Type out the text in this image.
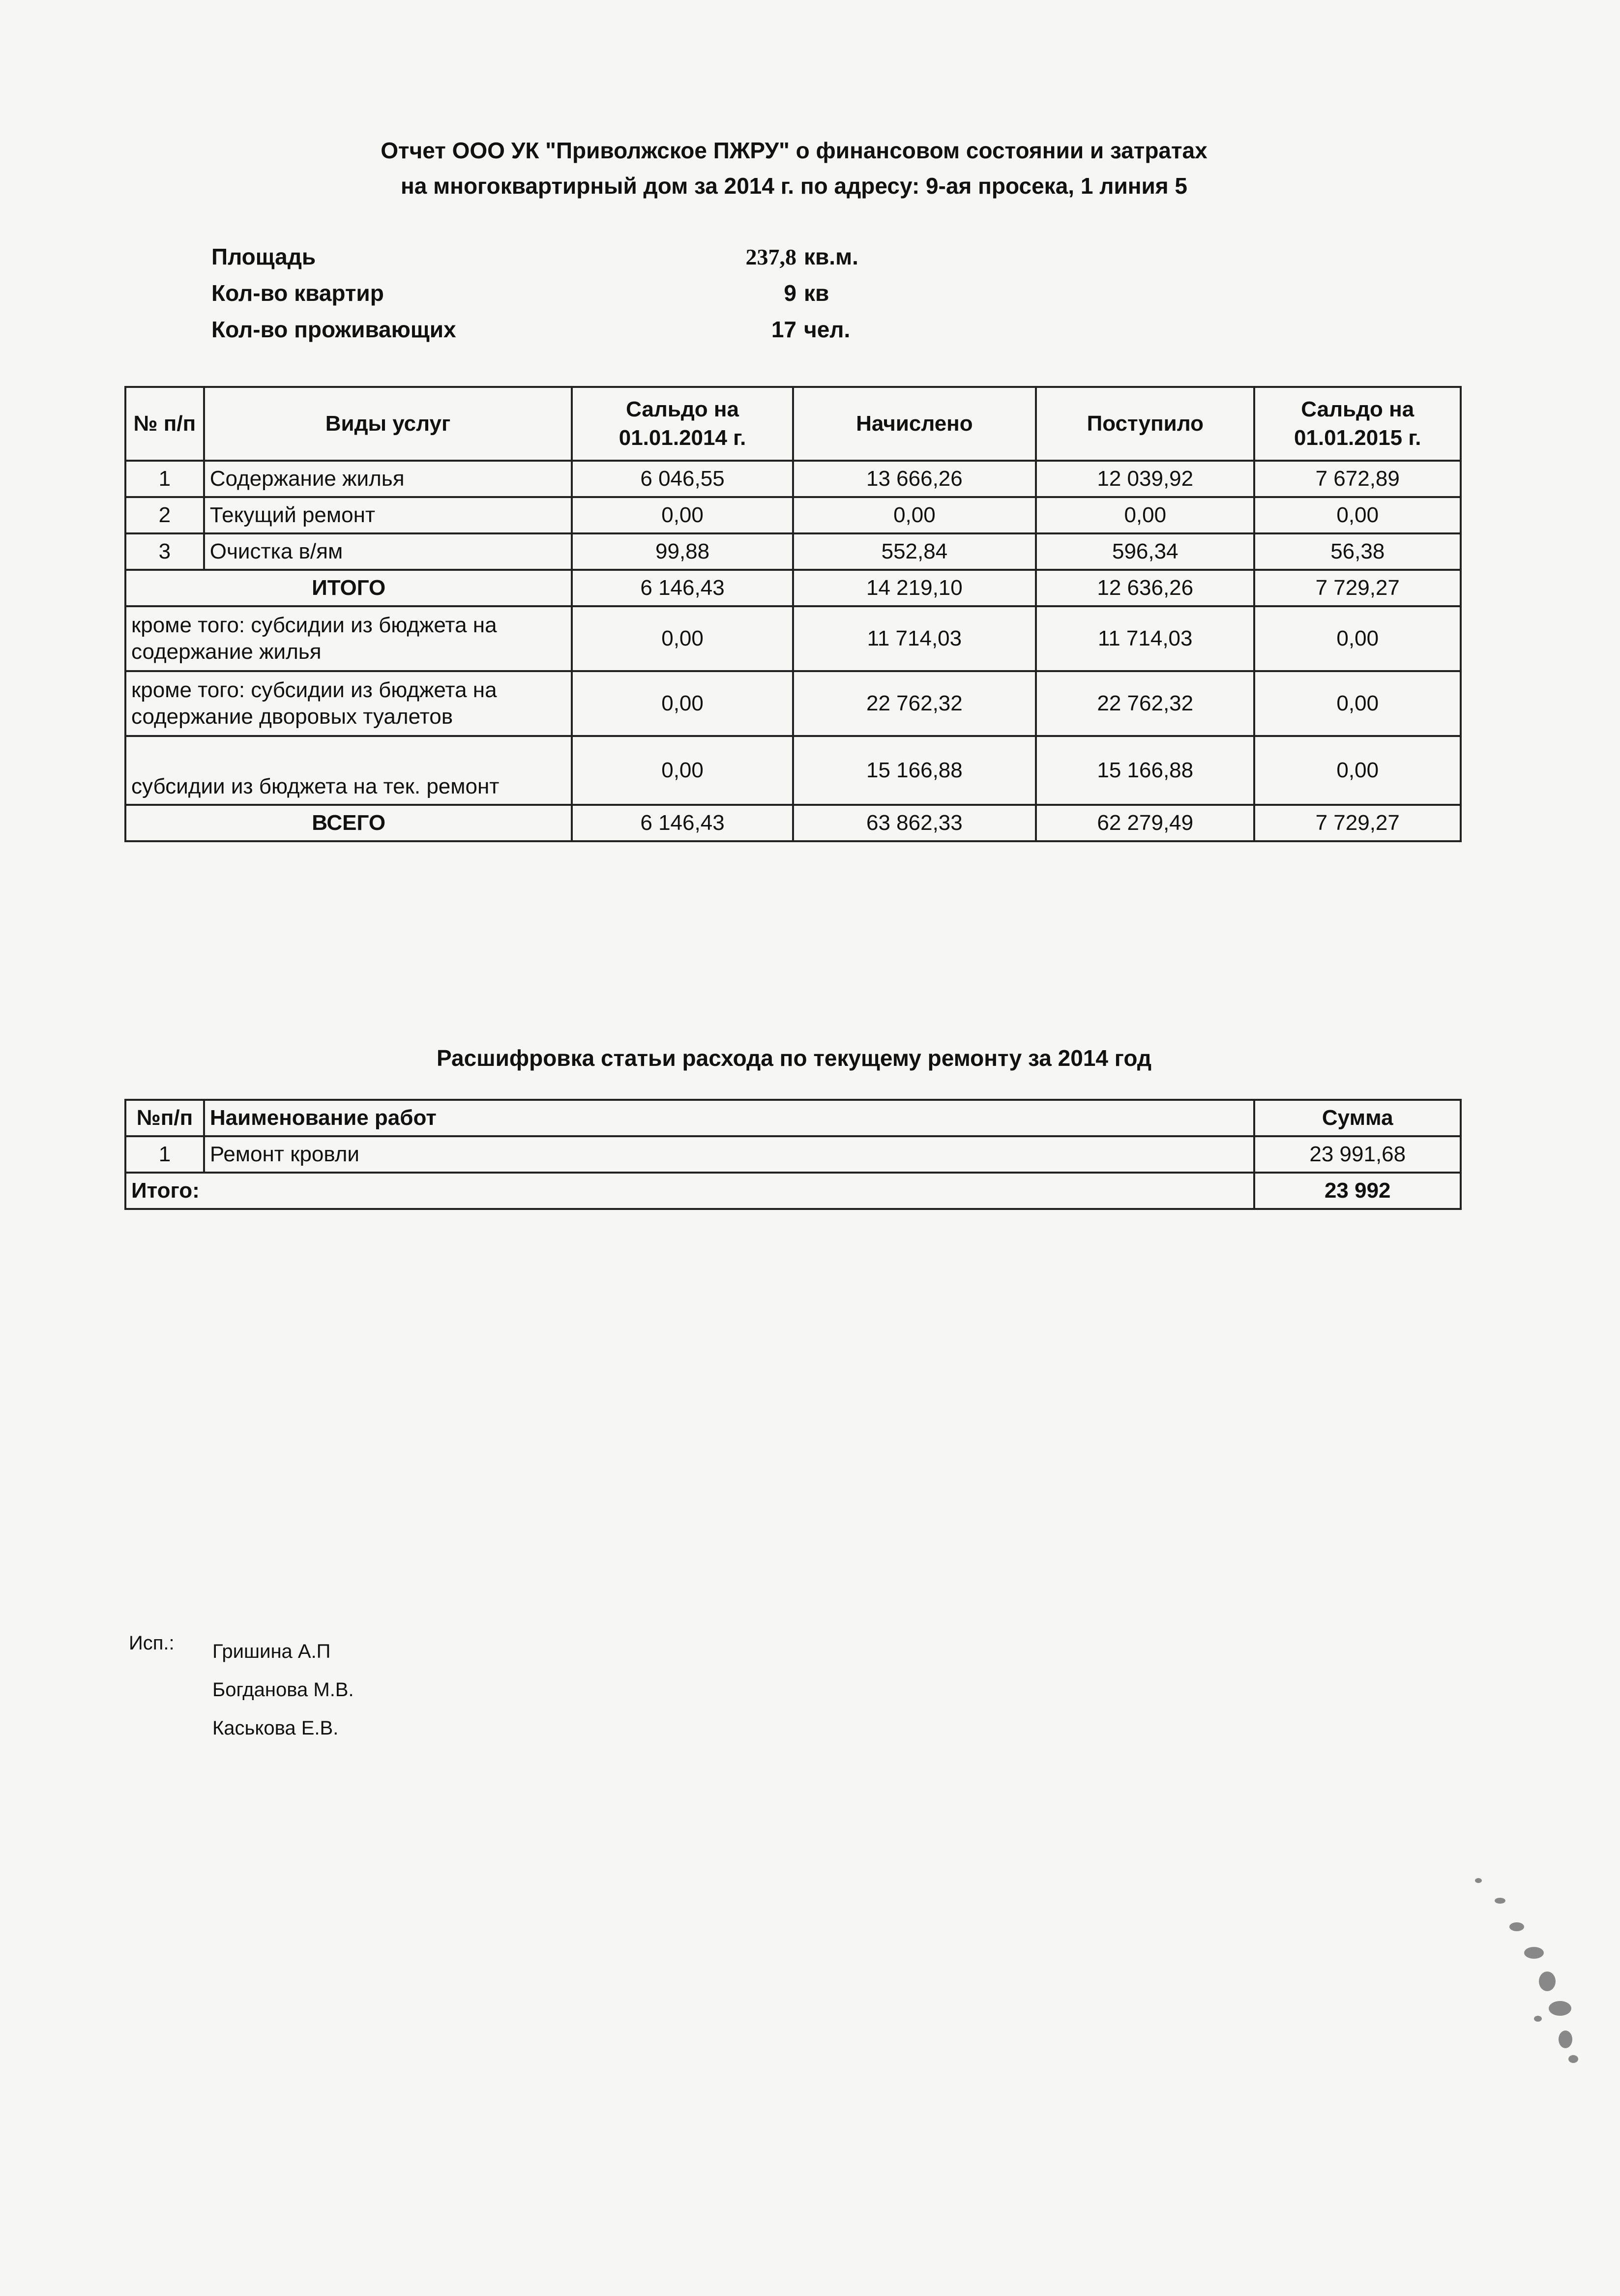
Отчет ООО УК "Приволжское ПЖРУ" о финансовом состоянии и затратах
на многоквартирный дом за 2014 г. по адресу: 9-ая просека, 1 линия 5
Площадь	237,8 кв.м.
Кол-во квартир	9 кв
Кол-во проживающих	17 чел.
№ п/п	Виды услуг	Сальдо на 01.01.2014 г.	Начислено	Поступило	Сальдо на 01.01.2015 г.
1	Содержание жилья	6 046,55	13 666,26	12 039,92	7 672,89
2	Текущий ремонт	0,00	0,00	0,00	0,00
3	Очистка в/ям	99,88	552,84	596,34	56,38
ИТОГО		6 146,43	14 219,10	12 636,26	7 729,27
кроме того: субсидии из бюджета на содержание жилья		0,00	11 714,03	11 714,03	0,00
кроме того: субсидии из бюджета на содержание дворовых туалетов		0,00	22 762,32	22 762,32	0,00
субсидии из бюджета на тек. ремонт		0,00	15 166,88	15 166,88	0,00
ВСЕГО		6 146,43	63 862,33	62 279,49	7 729,27
Расшифровка статьи расхода по текущему ремонту за 2014 год
№п/п	Наименование работ	Сумма
1	Ремонт кровли	23 991,68
Итого:		23 992
Исп.: Гришина А.П
Богданова М.В.
Каськова Е.В.
